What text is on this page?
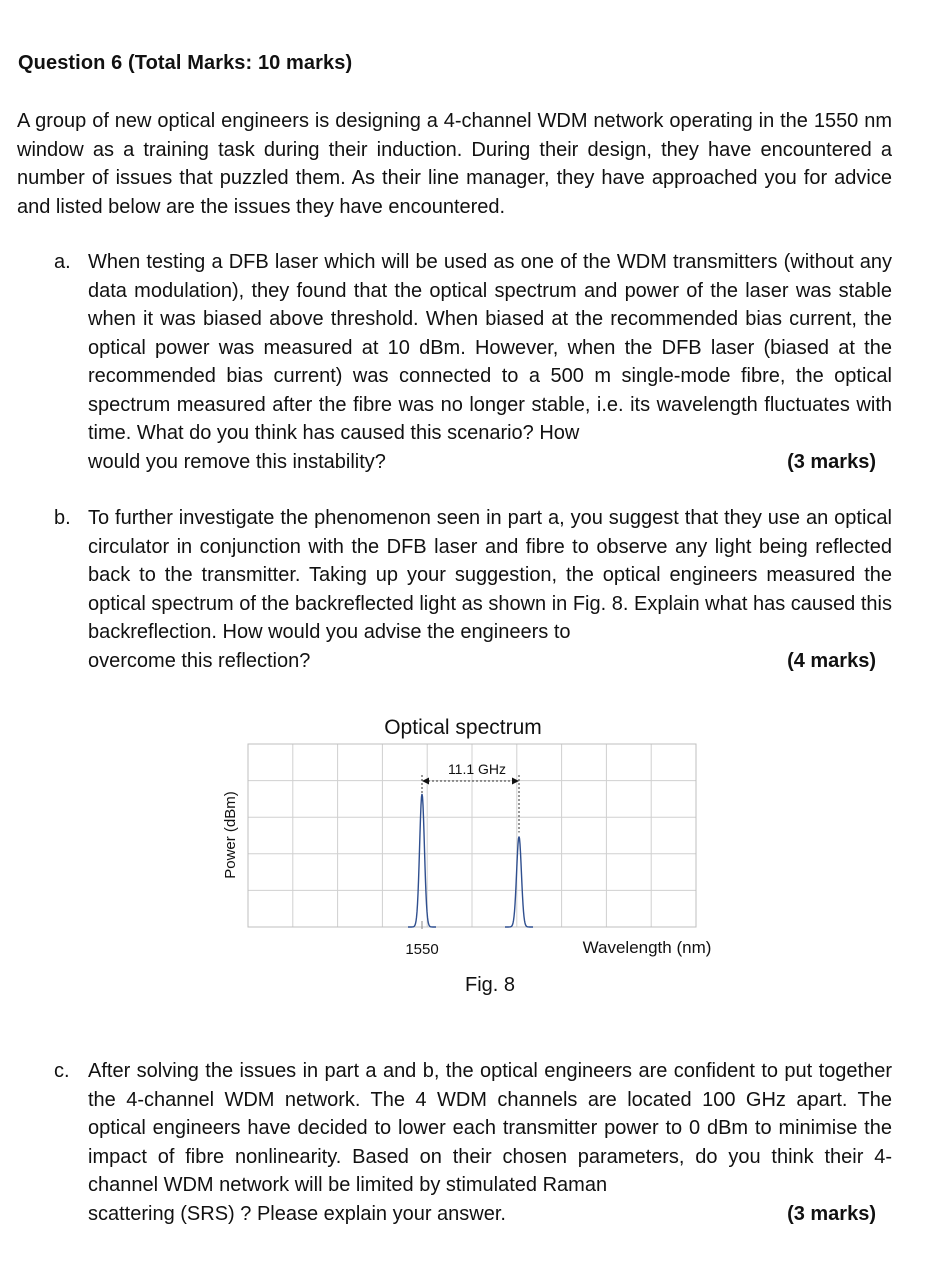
Question 6 (Total Marks: 10 marks)

A group of new optical engineers is designing a 4-channel WDM network operating in the 1550 nm window as a training task during their induction. During their design, they have encountered a number of issues that puzzled them. As their line manager, they have approached you for advice and listed below are the issues they have encountered.

a. When testing a DFB laser which will be used as one of the WDM transmitters (without any data modulation), they found that the optical spectrum and power of the laser was stable when it was biased above threshold. When biased at the recommended bias current, the optical power was measured at 10 dBm. However, when the DFB laser (biased at the recommended bias current) was connected to a 500 m single-mode fibre, the optical spectrum measured after the fibre was no longer stable, i.e. its wavelength fluctuates with time. What do you think has caused this scenario? How
would you remove this instability?	(3 marks)
b. To further investigate the phenomenon seen in part a, you suggest that they use an optical circulator in conjunction with the DFB laser and fibre to observe any light being reflected back to the transmitter. Taking up your suggestion, the optical engineers measured the optical spectrum of the backreflected light as shown in Fig. 8. Explain what has caused this backreflection. How would you advise the engineers to
overcome this reflection?	(4 marks)
Optical spectrum
Power (dBm)
1550	Wavelength (nm)
11.1 GHz
Fig. 8
c. After solving the issues in part a and b, the optical engineers are confident to put together the 4-channel WDM network. The 4 WDM channels are located 100 GHz apart. The optical engineers have decided to lower each transmitter power to 0 dBm to minimise the impact of fibre nonlinearity. Based on their chosen parameters, do you think their 4-channel WDM network will be limited by stimulated Raman
scattering (SRS) ? Please explain your answer.	(3 marks)
